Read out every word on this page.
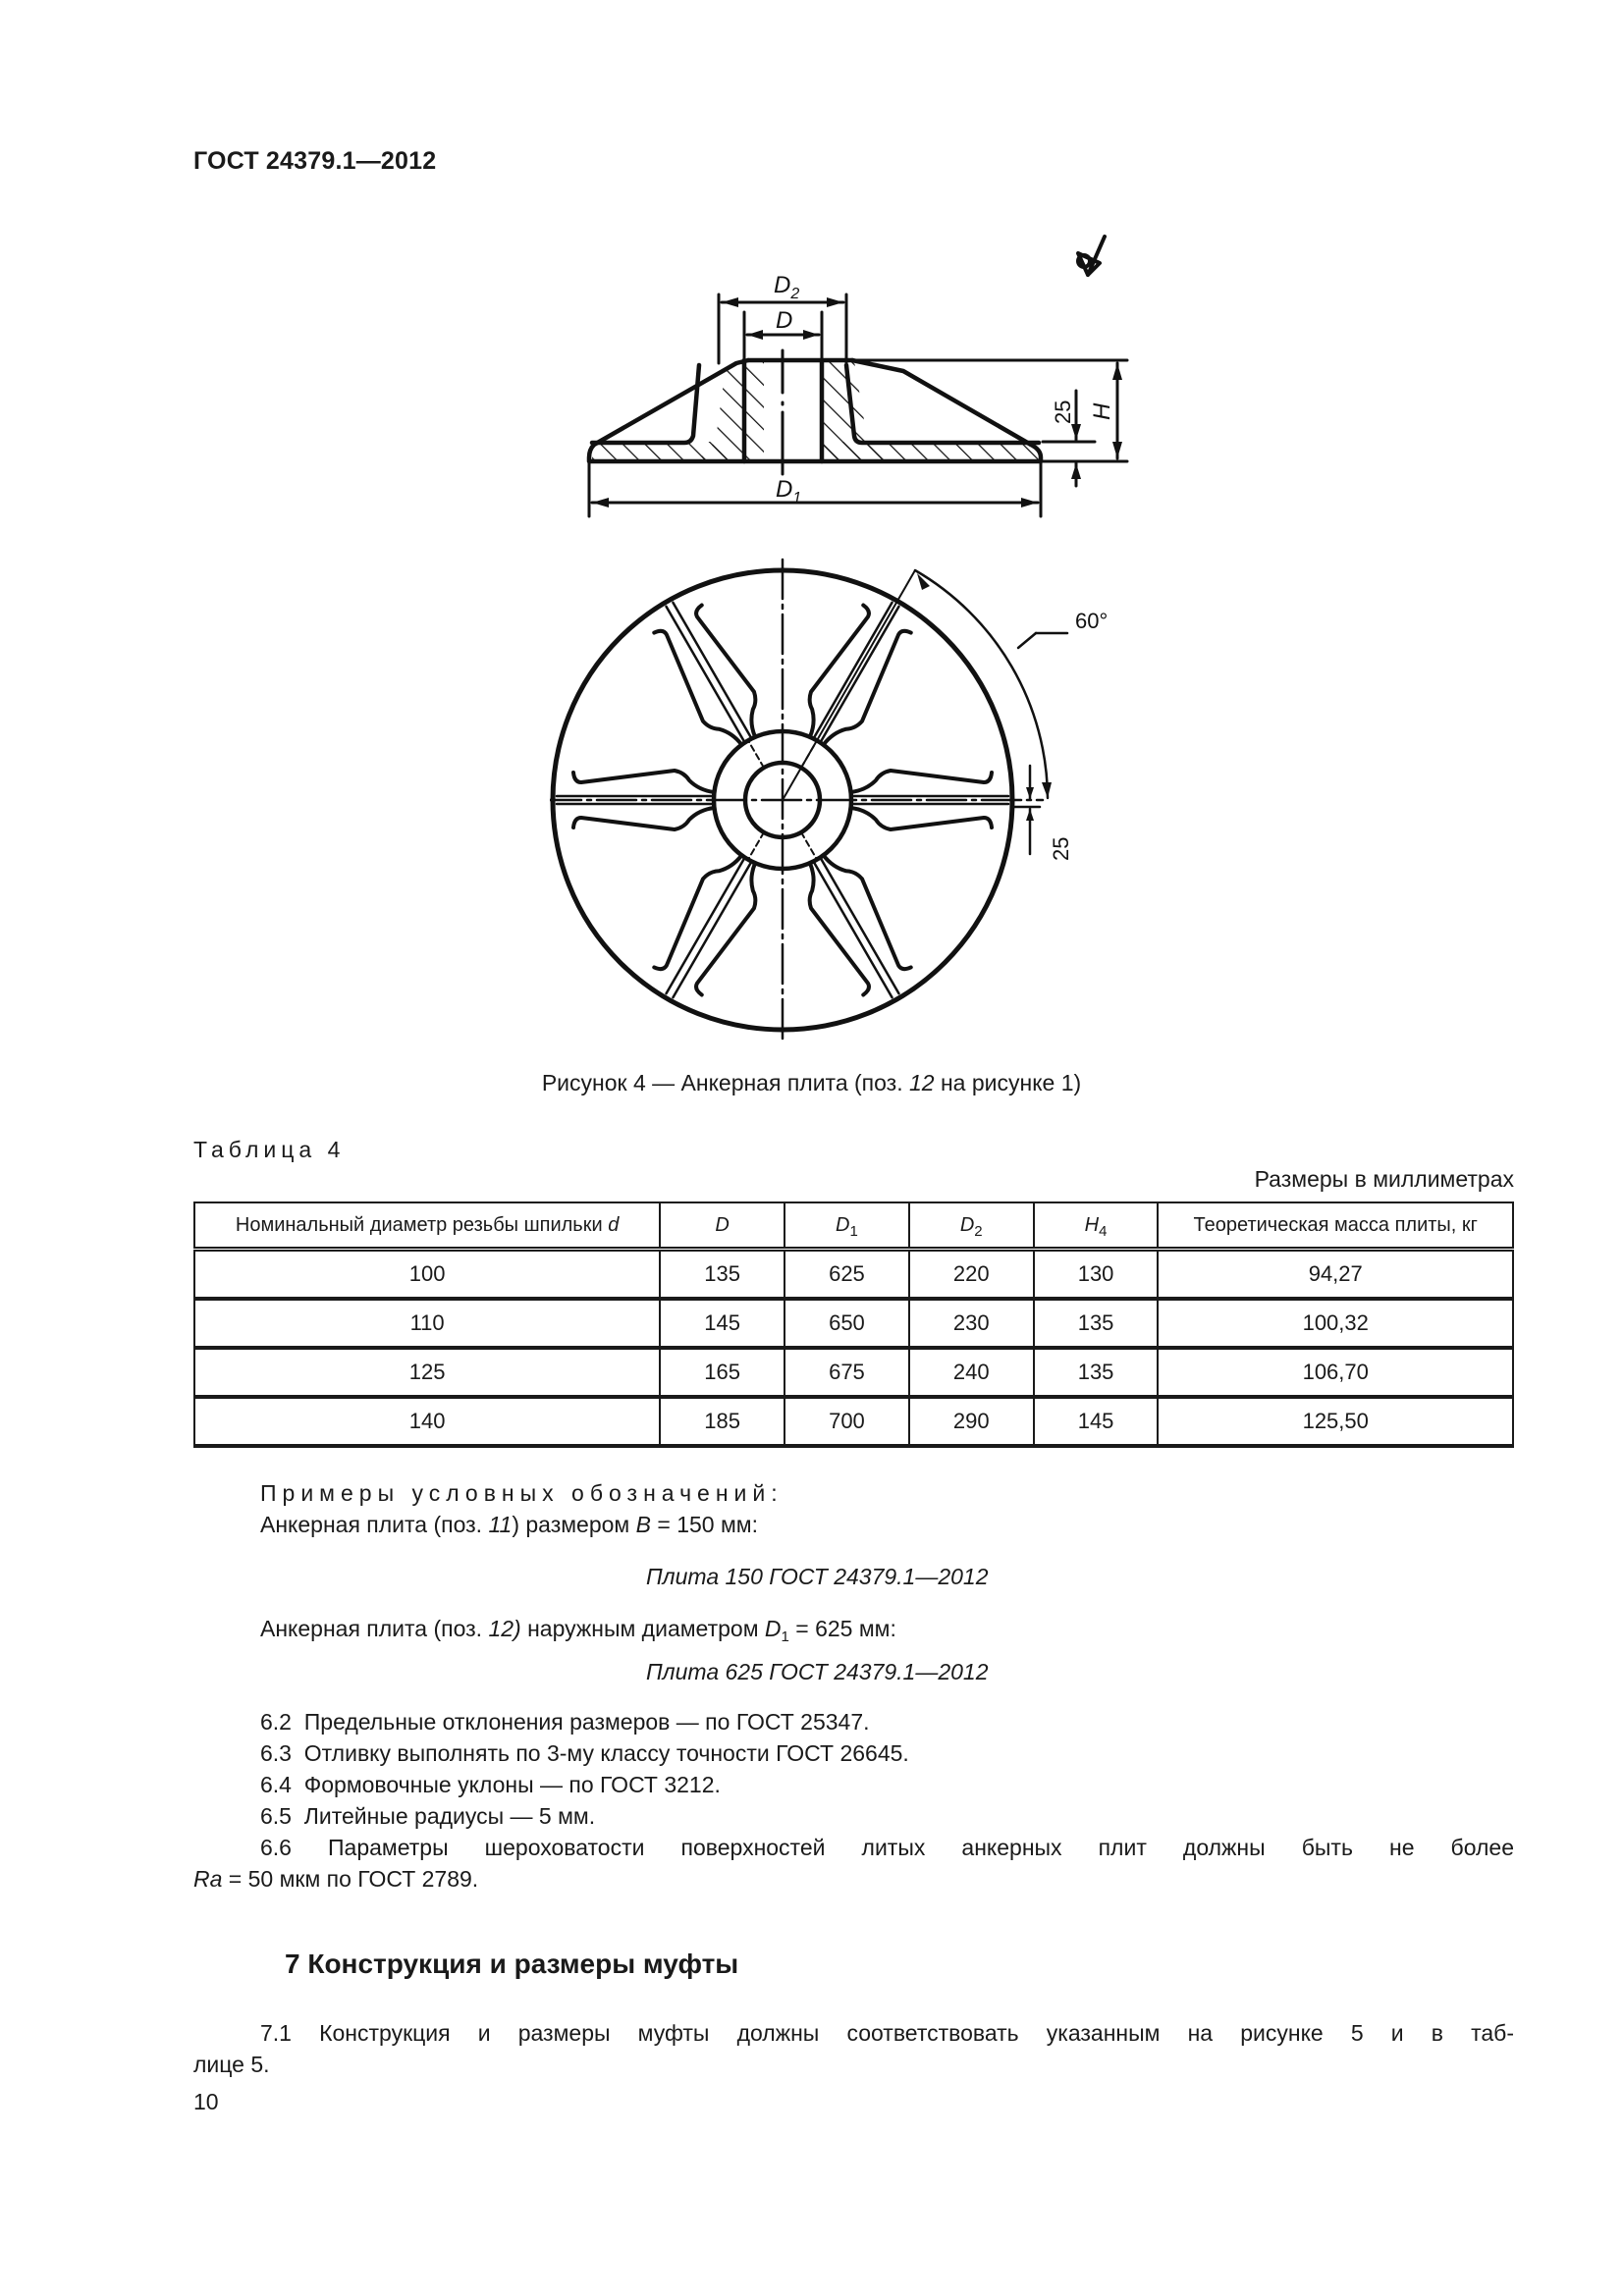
ГОСТ 24379.1—2012
$D_2$
D
$D_1$
H
25
25
60°
Рисунок 4 — Анкерная плита (поз. 12 на рисунке 1)
Таблица 4
Размеры в миллиметрах
Номинальный диаметр резьбы шпильки d	D	$D_1$	$D_2$	$H_4$	Теоретическая масса плиты, кг
100	135	625	220	130	94,27
110	145	650	230	135	100,32
125	165	675	240	135	106,70
140	185	700	290	145	125,50
Примеры условных обозначений:
Анкерная плита (поз. 11) размером B = 150 мм:
Плита 150 ГОСТ 24379.1—2012
Анкерная плита (поз. 12) наружным диаметром $D_1 = 625$ мм:
Плита 625 ГОСТ 24379.1—2012
6.2  Предельные отклонения размеров — по ГОСТ 25347.
6.3  Отливку выполнять по 3-му классу точности ГОСТ 26645.
6.4  Формовочные уклоны — по ГОСТ 3212.
6.5  Литейные радиусы — 5 мм.
6.6 Параметры шероховатости поверхностей литых анкерных плит должны быть не более
Ra = 50 мкм по ГОСТ 2789.
7 Конструкция и размеры муфты
7.1 Конструкция и размеры муфты должны соответствовать указанным на рисунке 5 и в таб-
лице 5.
10
